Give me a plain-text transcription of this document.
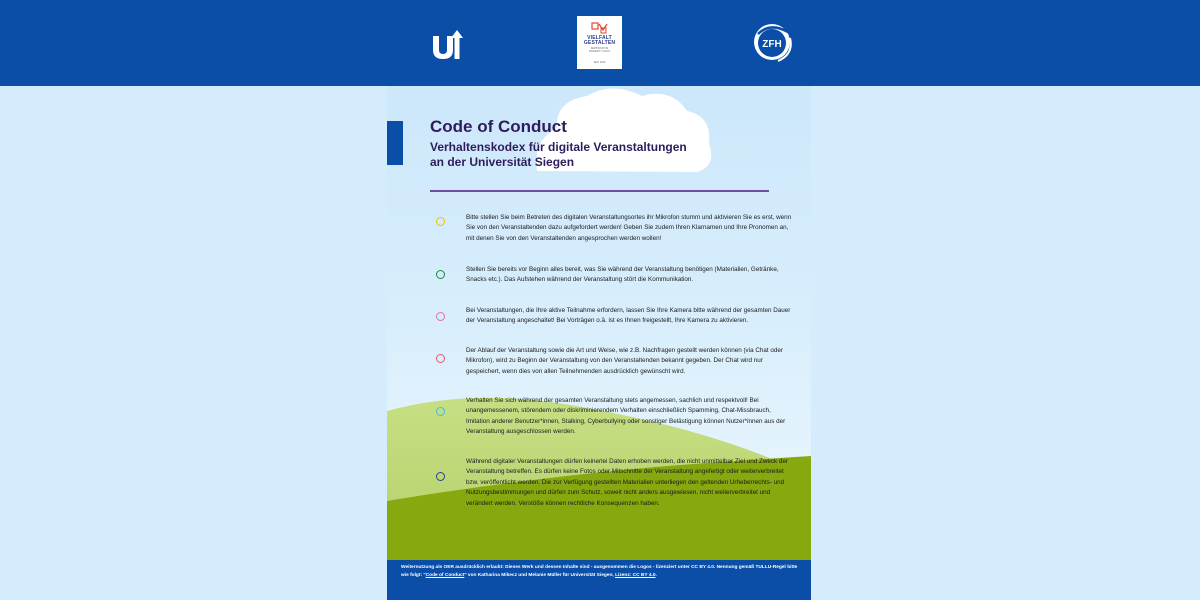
VIELFALT
GESTALTEN
ZERTIFIKAT IM
DIVERSITY AUDIT
SEIT 2015
ZFH
Code of Conduct
Verhaltenskodex für digitale Veranstaltungen
an der Universität Siegen

Bitte stellen Sie beim Betreten des digitalen Veranstaltungsortes ihr Mikrofon stumm und aktivieren Sie es erst, wenn Sie von den Veranstaltenden dazu aufgefordert werden! Geben Sie zudem Ihren Klarnamen und Ihre Pronomen an, mit denen Sie von den Veranstaltenden angesprochen werden wollen!

Stellen Sie bereits vor Beginn alles bereit, was Sie während der Veranstaltung benötigen (Materialien, Getränke, Snacks etc.). Das Aufstehen während der Veranstaltung stört die Kommunikation.

Bei Veranstaltungen, die Ihre aktive Teilnahme erfordern, lassen Sie Ihre Kamera bitte während der gesamten Dauer der Veranstaltung angeschaltet! Bei Vorträgen o.ä. ist es Ihnen freigestellt, Ihre Kamera zu aktivieren.

Der Ablauf der Veranstaltung sowie die Art und Weise, wie z.B. Nachfragen gestellt werden können (via Chat oder Mikrofon), wird zu Beginn der Veranstaltung von den Veranstaltenden bekannt gegeben. Der Chat wird nur gespeichert, wenn dies von allen Teilnehmenden ausdrücklich gewünscht wird.

Verhalten Sie sich während der gesamten Veranstaltung stets angemessen, sachlich und respektvoll! Bei unangemessenem, störendem oder diskriminierendem Verhalten einschließlich Spamming, Chat-Missbrauch, Imitation anderer Benutzer*innen, Stalking, Cyberbullying oder sonstiger Belästigung können Nutzer*innen aus der Veranstaltung ausgeschlossen werden.

Während digitaler Veranstaltungen dürfen keinerlei Daten erhoben werden, die nicht unmittelbar Ziel und Zweck der Veranstaltung betreffen. Es dürfen keine Fotos oder Mitschnitte der Veranstaltung angefertigt oder weiterverbreitet bzw. veröffentlicht werden. Die zur Verfügung gestellten Materialien unterliegen den geltenden Urheberrechts- und Nutzungsbestimmungen und dürfen zum Schutz, soweit nicht anders ausgewiesen, nicht weiterverbreitet und verändert werden. Verstöße können rechtliche Konsequenzen haben.

Weiternutzung als OER ausdrücklich erlaubt: Dieses Werk und dessen Inhalte sind - ausgenommen die Logos - lizenziert unter CC BY 4.0. Nennung gemäß TULLU-Regel bitte wie folgt: "Code of Conduct" von Katharina Mikecz und Melanie Müller für Universität Siegen, Lizenz: CC BY 4.0.
